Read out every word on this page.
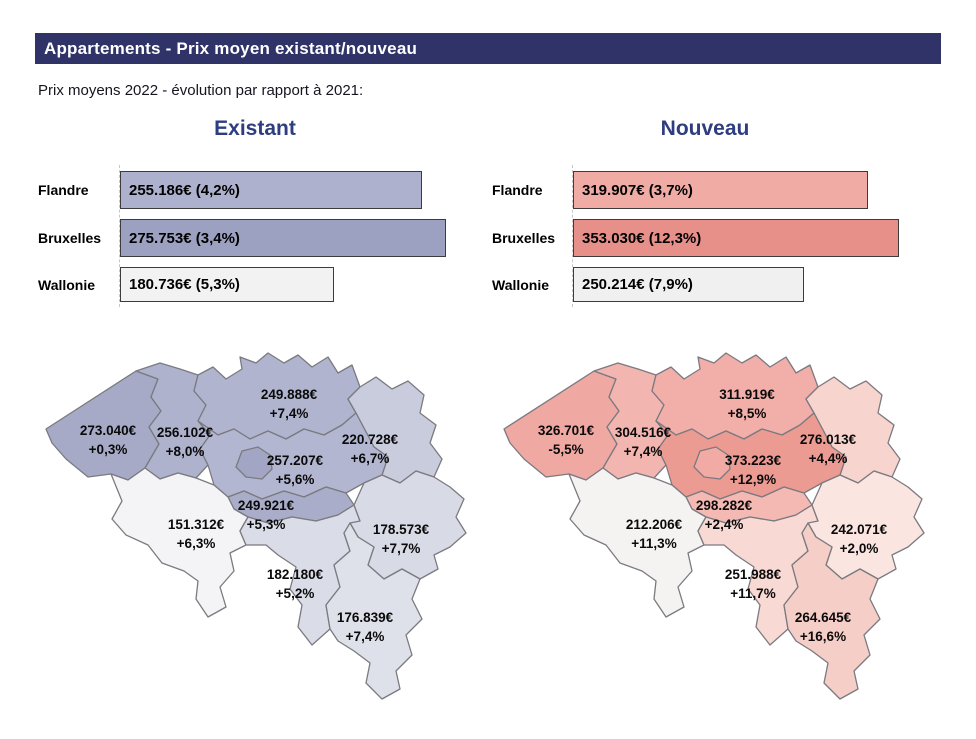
Appartements - Prix moyen existant/nouveau
Prix moyens 2022 - évolution par rapport à 2021:
Existant	Nouveau
Flandre	255.186€ (4,2%)
Bruxelles	275.753€ (3,4%)
Wallonie	180.736€ (5,3%)
Flandre	319.907€ (3,7%)
Bruxelles	353.030€ (12,3%)
Wallonie	250.214€ (7,9%)
273.040€
+0,3%
256.102€
+8,0%
249.888€
+7,4%
220.728€
+6,7%
257.207€
+5,6%
249.921€
+5,3%
151.312€
+6,3%
182.180€
+5,2%
178.573€
+7,7%
176.839€
+7,4%
326.701€
-5,5%
304.516€
+7,4%
311.919€
+8,5%
276.013€
+4,4%
373.223€
+12,9%
298.282€
+2,4%
212.206€
+11,3%
251.988€
+11,7%
242.071€
+2,0%
264.645€
+16,6%
